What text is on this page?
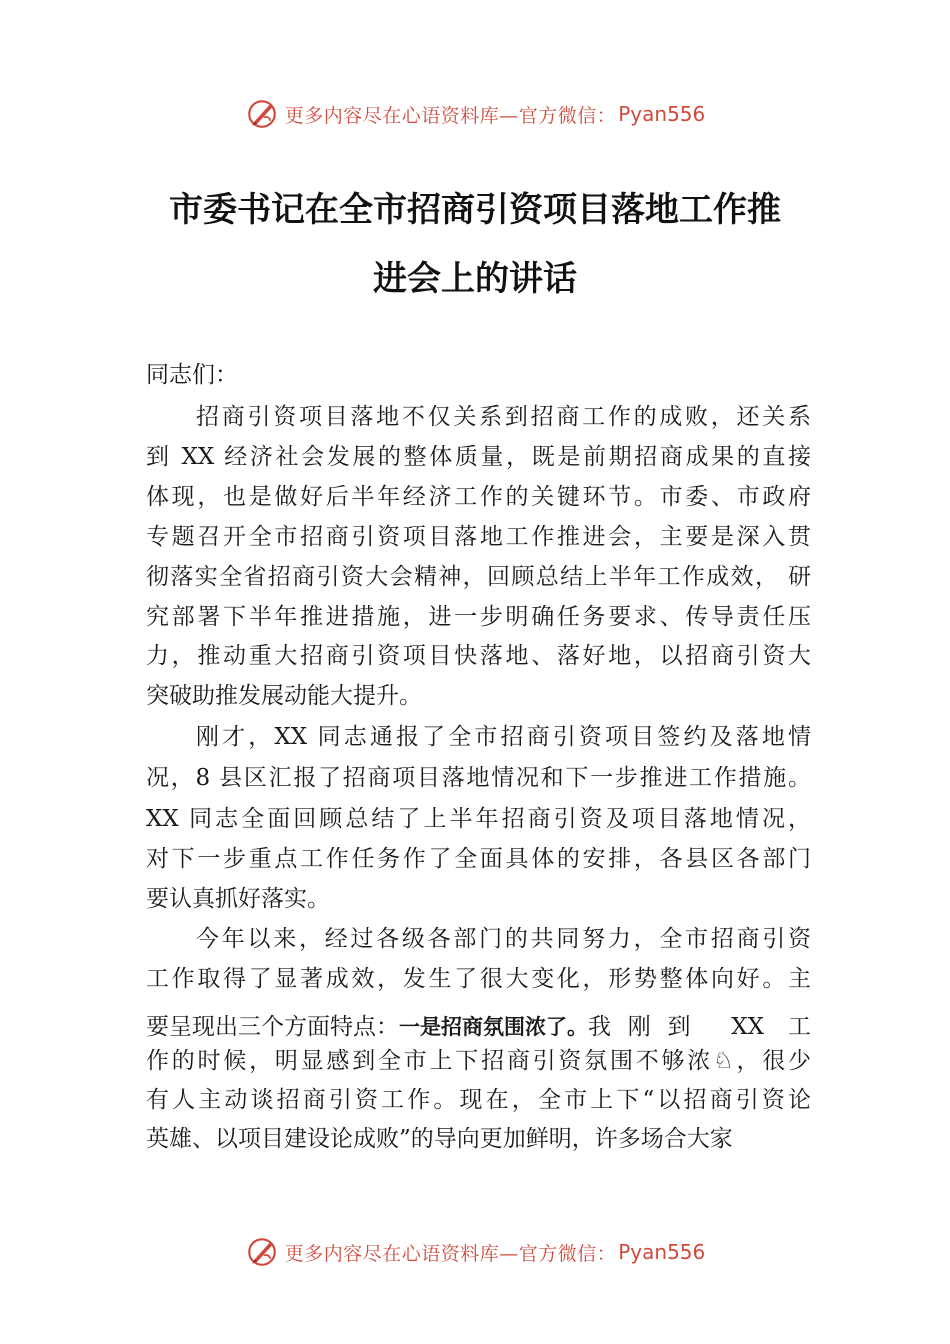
更多内容尽在心语资料库—官方微信： Pyan556
市委书记在全市招商引资项目落地工作推
进会上的讲话
同志们：
招商引资项目落地不仅关系到招商工作的成败，还关系
到 XX 经济社会发展的整体质量，既是前期招商成果的直接
体现，也是做好后半年经济工作的关键环节。市委、市政府
专题召开全市招商引资项目落地工作推进会，主要是深入贯
彻落实全省招商引资大会精神，回顾总结上半年工作成效， 研
究部署下半年推进措施，进一步明确任务要求、传导责任压
力，推动重大招商引资项目快落地、落好地，以招商引资大
突破助推发展动能大提升。
刚才，XX 同志通报了全市招商引资项目签约及落地情
况，8 县区汇报了招商项目落地情况和下一步推进工作措施。
XX 同志全面回顾总结了上半年招商引资及项目落地情况，
对下一步重点工作任务作了全面具体的安排，各县区各部门
要认真抓好落实。
今年以来，经过各级各部门的共同努力，全市招商引资
工作取得了显著成效，发生了很大变化，形势整体向好。主
要呈现出三个方面特点： 一是招商氛围浓了。 我刚到 XX 工
作的时候，明显感到全市上下招商引资氛围不够浓♘，很少
有人主动谈招商引资工作。现在，全市上下“以招商引资论
英雄、以项目建设论成败”的导向更加鲜明，许多场合大家
更多内容尽在心语资料库—官方微信： Pyan556
